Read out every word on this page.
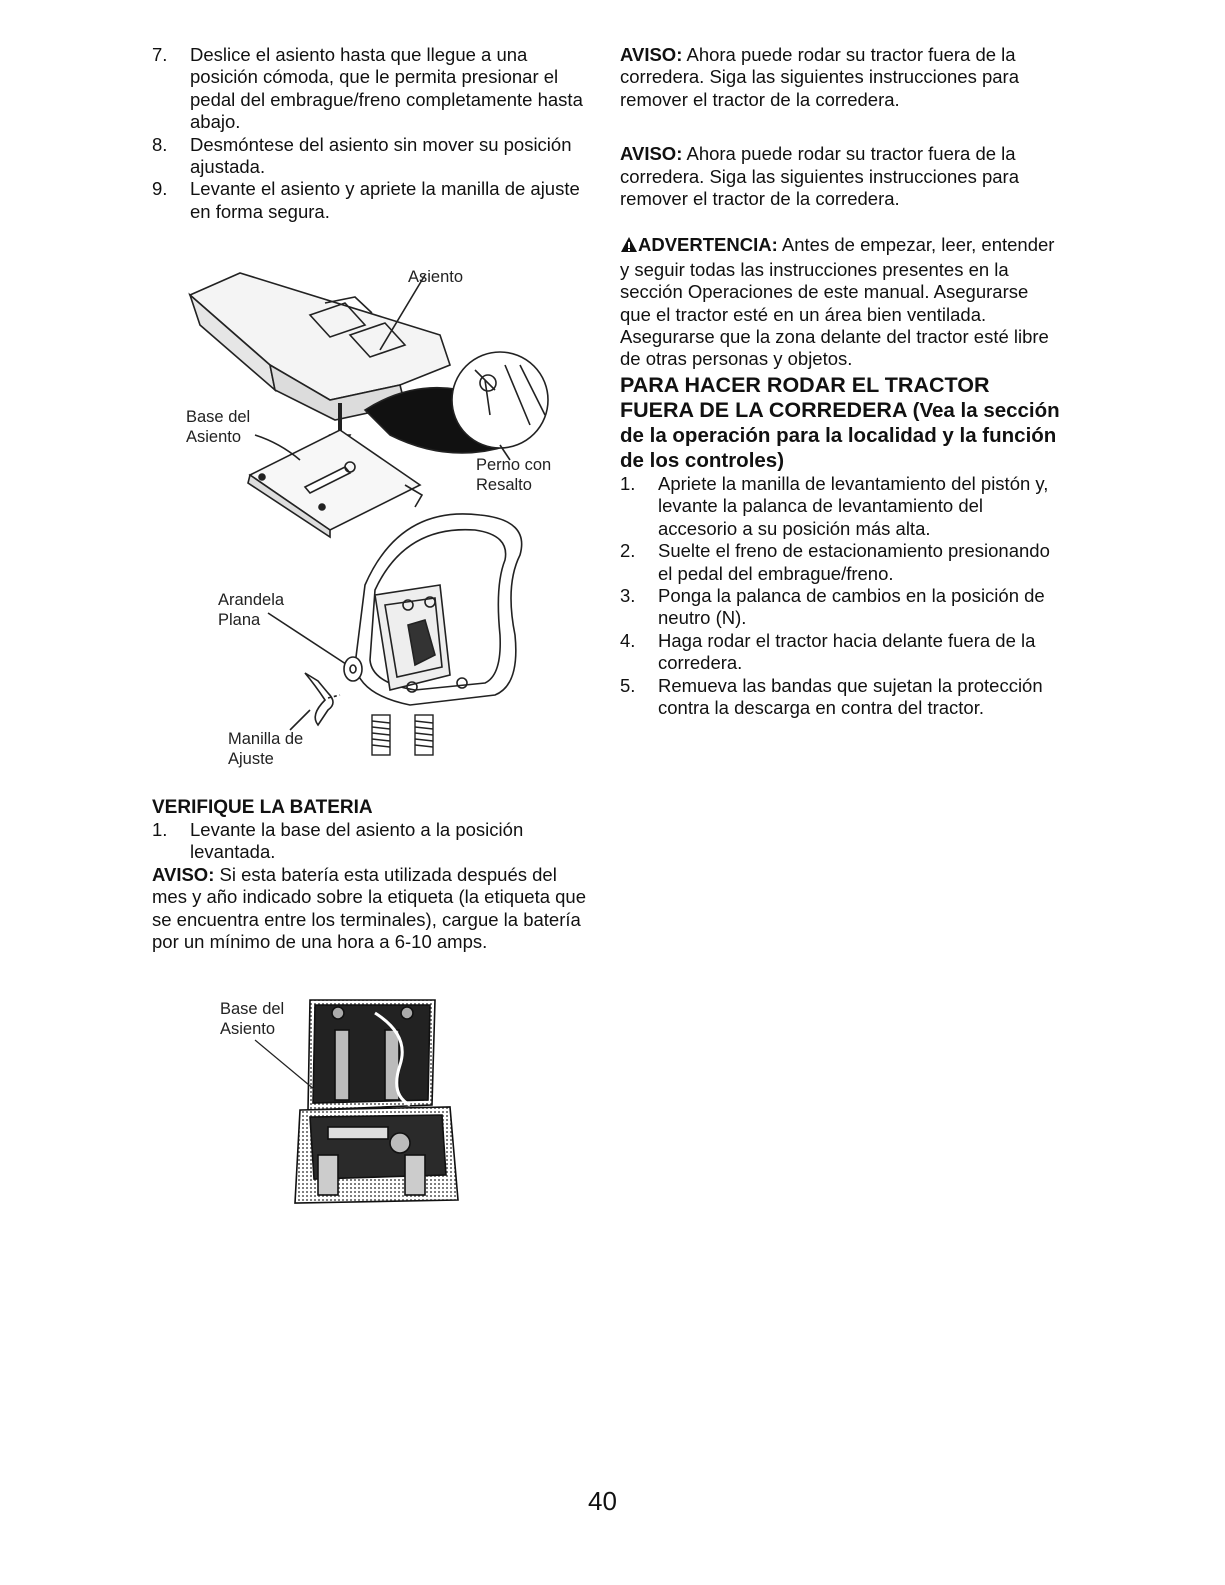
7. Deslice el asiento hasta que llegue a una posición cómoda, que le permita presionar el pedal del embrague/freno completamente hasta abajo.
8. Desmóntese del asiento sin mover su posición ajustada.
9. Levante el asiento y apriete la manilla de ajuste en forma segura.
Asiento
Base del
Asiento
Perno con
Resalto
Arandela
Plana
Manilla de
Ajuste
VERIFIQUE LA BATERIA
1. Levante la base del asiento a la posición levantada.

AVISO: Si esta batería esta utilizada después del mes y año indicado sobre la etiqueta (la etiqueta que se encuentra entre los terminales), cargue la batería por un mínimo de una hora a 6-10 amps.

Base del
Asiento

AVISO: Ahora puede rodar su tractor fuera de la corredera. Siga las siguientes instrucciones para remover el tractor de la corredera.

AVISO: Ahora puede rodar su tractor fuera de la corredera. Siga las siguientes instrucciones para remover el tractor de la corredera.

ADVERTENCIA: Antes de empezar, leer, entender y seguir todas las instrucciones presentes en la sección Operaciones de este manual. Asegurarse que el tractor esté en un área bien ventilada. Asegurarse que la zona delante del tractor esté libre de otras personas y objetos.

PARA HACER RODAR EL TRACTOR FUERA DE LA CORREDERA (Vea la sección de la operación para la localidad y la función de los controles)
1. Apriete la manilla de levantamiento del pistón y, levante la palanca de levantamiento del accesorio a su posición más alta.
2. Suelte el freno de estacionamiento presionando el pedal del embrague/freno.
3. Ponga la palanca de cambios en la posición de neutro (N).
4. Haga rodar el tractor hacia delante fuera de la corredera.
5. Remueva las bandas que sujetan la protección contra la descarga en contra del tractor.
40
